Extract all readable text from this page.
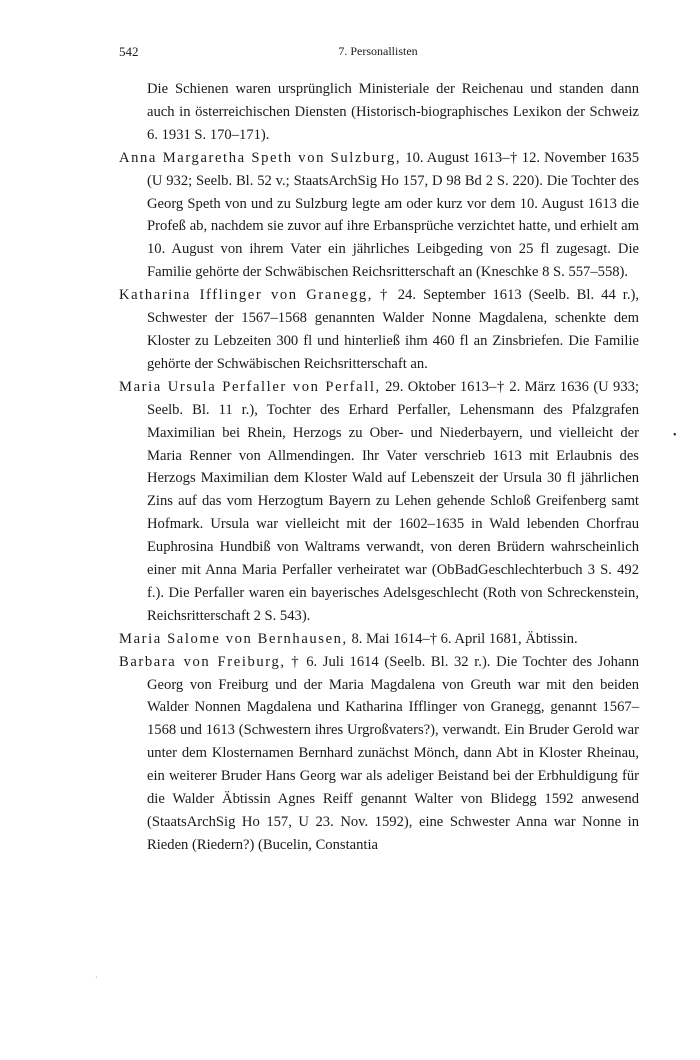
542	7. Personallisten

Die Schienen waren ursprünglich Ministeriale der Reichenau und standen dann auch in österreichischen Diensten (Historisch-biographisches Lexikon der Schweiz 6. 1931 S. 170–171).

Anna Margaretha Speth von Sulzburg, 10. August 1613–† 12. November 1635 (U 932; Seelb. Bl. 52 v.; StaatsArchSig Ho 157, D 98 Bd 2 S. 220). Die Tochter des Georg Speth von und zu Sulzburg legte am oder kurz vor dem 10. August 1613 die Profeß ab, nachdem sie zuvor auf ihre Erbansprüche verzichtet hatte, und erhielt am 10. August von ihrem Vater ein jährliches Leibgeding von 25 fl zugesagt. Die Familie gehörte der Schwäbischen Reichsritterschaft an (Kneschke 8 S. 557–558).

Katharina Ifflinger von Granegg, † 24. September 1613 (Seelb. Bl. 44 r.), Schwester der 1567–1568 genannten Walder Nonne Magdalena, schenkte dem Kloster zu Lebzeiten 300 fl und hinterließ ihm 460 fl an Zinsbriefen. Die Familie gehörte der Schwäbischen Reichsritterschaft an.

Maria Ursula Perfaller von Perfall, 29. Oktober 1613–† 2. März 1636 (U 933; Seelb. Bl. 11 r.), Tochter des Erhard Perfaller, Lehensmann des Pfalzgrafen Maximilian bei Rhein, Herzogs zu Ober- und Niederbayern, und vielleicht der Maria Renner von Allmendingen. Ihr Vater verschrieb 1613 mit Erlaubnis des Herzogs Maximilian dem Kloster Wald auf Lebenszeit der Ursula 30 fl jährlichen Zins auf das vom Herzogtum Bayern zu Lehen gehende Schloß Greifenberg samt Hofmark. Ursula war vielleicht mit der 1602–1635 in Wald lebenden Chorfrau Euphrosina Hundbiß von Waltrams verwandt, von deren Brüdern wahrscheinlich einer mit Anna Maria Perfaller verheiratet war (ObBadGeschlechterbuch 3 S. 492 f.). Die Perfaller waren ein bayerisches Adelsgeschlecht (Roth von Schreckenstein, Reichsritterschaft 2 S. 543).

Maria Salome von Bernhausen, 8. Mai 1614–† 6. April 1681, Äbtissin.

Barbara von Freiburg, † 6. Juli 1614 (Seelb. Bl. 32 r.). Die Tochter des Johann Georg von Freiburg und der Maria Magdalena von Greuth war mit den beiden Walder Nonnen Magdalena und Katharina Ifflinger von Granegg, genannt 1567–1568 und 1613 (Schwestern ihres Urgroßvaters?), verwandt. Ein Bruder Gerold war unter dem Klosternamen Bernhard zunächst Mönch, dann Abt in Kloster Rheinau, ein weiterer Bruder Hans Georg war als adeliger Beistand bei der Erbhuldigung für die Walder Äbtissin Agnes Reiff genannt Walter von Blidegg 1592 anwesend (StaatsArchSig Ho 157, U 23. Nov. 1592), eine Schwester Anna war Nonne in Rieden (Riedern?) (Bucelin, Constantia

•
·
